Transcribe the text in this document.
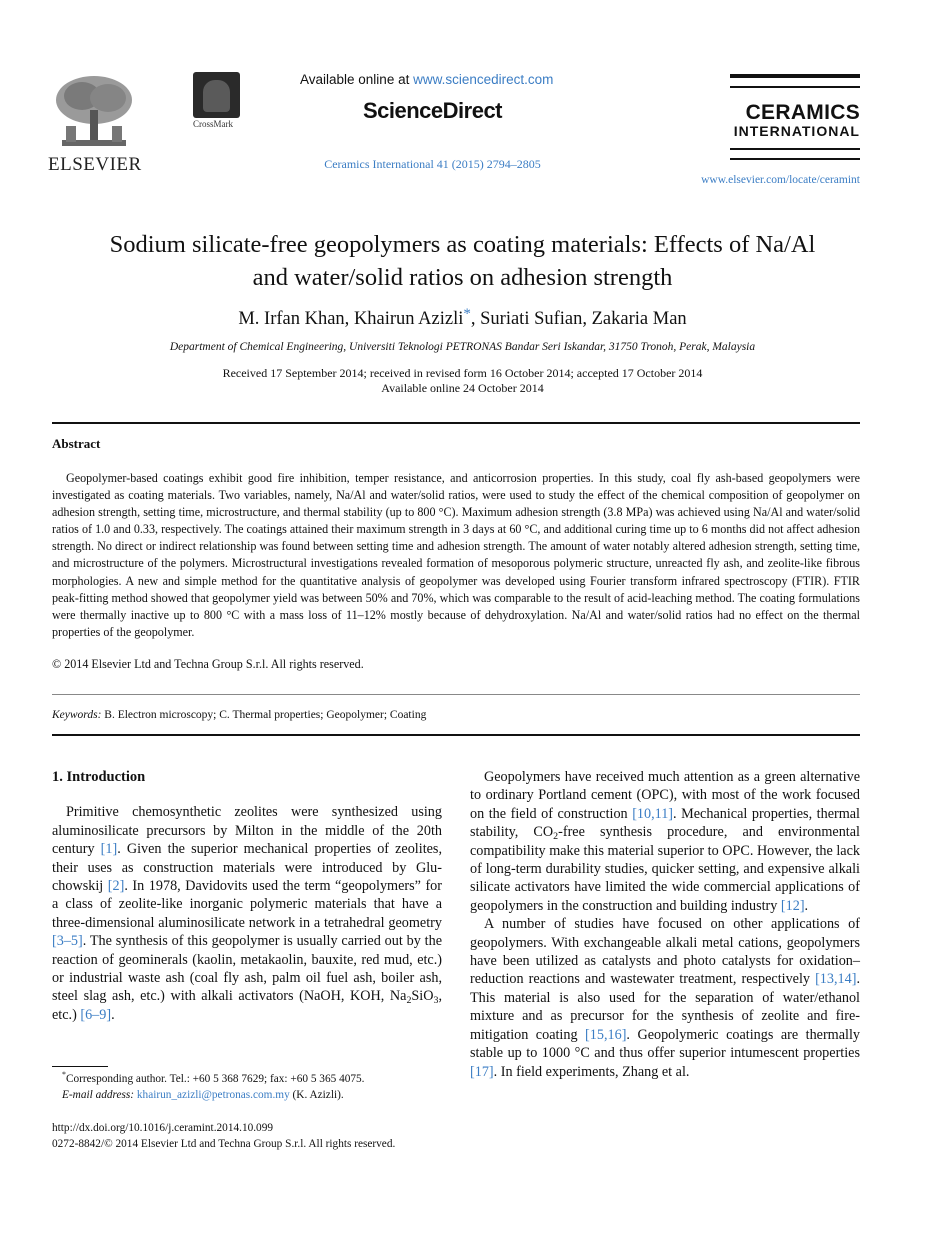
ELSEVIER
CrossMark
Available online at www.sciencedirect.com
ScienceDirect
Ceramics International 41 (2015) 2794–2805
CERAMICS
INTERNATIONAL
www.elsevier.com/locate/ceramint
Sodium silicate-free geopolymers as coating materials: Effects of Na/Al
and water/solid ratios on adhesion strength
M. Irfan Khan, Khairun Azizli*, Suriati Sufian, Zakaria Man
Department of Chemical Engineering, Universiti Teknologi PETRONAS Bandar Seri Iskandar, 31750 Tronoh, Perak, Malaysia
Received 17 September 2014; received in revised form 16 October 2014; accepted 17 October 2014
Available online 24 October 2014
Abstract

Geopolymer-based coatings exhibit good fire inhibition, temper resistance, and anticorrosion properties. In this study, coal fly ash-based geopolymers were investigated as coating materials. Two variables, namely, Na/Al and water/solid ratios, were used to study the effect of the chemical composition of geopolymer on adhesion strength, setting time, microstructure, and thermal stability (up to 800 °C). Maximum adhesion strength (3.8 MPa) was achieved using Na/Al and water/solid ratios of 1.0 and 0.33, respectively. The coatings attained their maximum strength in 3 days at 60 °C, and additional curing time up to 6 months did not affect adhesion strength. No direct or indirect relationship was found between setting time and adhesion strength. The amount of water notably altered adhesion strength, setting time, and microstructure of the polymers. Microstructural investigations revealed formation of mesoporous polymeric structure, unreacted fly ash, and zeolite-like fibrous morphologies. A new and simple method for the quantitative analysis of geopolymer was developed using Fourier transform infrared spectroscopy (FTIR). FTIR peak-fitting method showed that geopolymer yield was between 50% and 70%, which was comparable to the result of acid-leaching method. The coating formulations were thermally inactive up to 800 °C with a mass loss of 11–12% mostly because of dehydroxylation. Na/Al and water/solid ratios had no effect on the thermal properties of the geopolymer.

© 2014 Elsevier Ltd and Techna Group S.r.l. All rights reserved.
Keywords: B. Electron microscopy; C. Thermal properties; Geopolymer; Coating
1. Introduction

Primitive chemosynthetic zeolites were synthesized using aluminosilicate precursors by Milton in the middle of the 20th century [1]. Given the superior mechanical properties of zeolites, their uses as construction materials were introduced by Glu-chowskij [2]. In 1978, Davidovits used the term “geopolymers” for a class of zeolite-like inorganic polymeric materials that have a three-dimensional aluminosilicate network in a tetrahedral geometry [3–5]. The synthesis of this geopolymer is usually carried out by the reaction of geominerals (kaolin, metakaolin, bauxite, red mud, etc.) or industrial waste ash (coal fly ash, palm oil fuel ash, boiler ash, steel slag ash, etc.) with alkali activators (NaOH, KOH, $Na_2SiO_3$, etc.) [6–9].

Geopolymers have received much attention as a green alternative to ordinary Portland cement (OPC), with most of the work focused on the field of construction [10,11]. Mechanical properties, thermal stability, $CO_2$-free synthesis procedure, and environmental compatibility make this material superior to OPC. However, the lack of long-term durability studies, quicker setting, and expensive alkali silicate activators have limited the wide commercial applications of geopolymers in the construction and building industry [12].

A number of studies have focused on other applications of geopolymers. With exchangeable alkali metal cations, geopolymers have been utilized as catalysts and photo catalysts for oxidation–reduction reactions and wastewater treatment, respectively [13,14]. This material is also used for the separation of water/ethanol mixture and as precursor for the synthesis of zeolite and fire-mitigation coating [15,16]. Geopolymeric coatings are thermally stable up to 1000 °C and thus offer superior intumescent properties [17]. In field experiments, Zhang et al.

*Corresponding author. Tel.: +60 5 368 7629; fax: +60 5 365 4075.
E-mail address: khairun_azizli@petronas.com.my (K. Azizli).
http://dx.doi.org/10.1016/j.ceramint.2014.10.099
0272-8842/© 2014 Elsevier Ltd and Techna Group S.r.l. All rights reserved.
